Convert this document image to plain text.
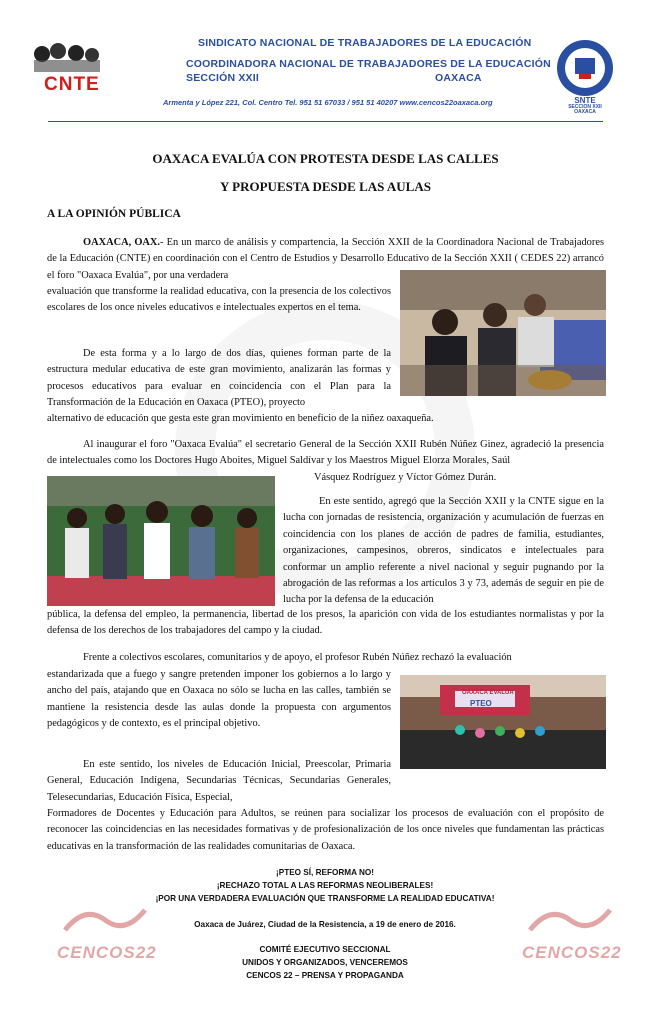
CNTE
SINDICATO NACIONAL DE TRABAJADORES DE LA EDUCACIÓN
COORDINADORA NACIONAL DE TRABAJADORES DE LA EDUCACIÓN
SECCIÓN XXII	OAXACA
Armenta y López 221, Col. Centro Tel. 951 51 67033 / 951 51 40207 www.cencos22oaxaca.org	SNTE
SECCION XXII
OAXACA
OAXACA EVALÚA CON PROTESTA DESDE LAS CALLES
Y PROPUESTA DESDE LAS AULAS
A LA OPINIÓN PÚBLICA
OAXACA, OAX.- En un marco de análisis y compartencia, la Sección XXII de la Coordinadora Nacional de Trabajadores de la Educación (CNTE) en coordinación con el Centro de Estudios y Desarrollo Educativo de la Sección XXII ( CEDES 22) arrancó el foro "Oaxaca Evalúa", por una verdadera
evaluación que transforme la realidad educativa, con la presencia de los colectivos escolares de los once niveles educativos e intelectuales expertos en el tema.
De esta forma y a lo largo de dos días, quienes forman parte de la estructura medular educativa de este gran movimiento, analizarán las formas y procesos educativos para evaluar en coincidencia con el Plan para la Transformación de la Educación en Oaxaca (PTEO), proyecto
alternativo de educación que gesta este gran movimiento en beneficio de la niñez oaxaqueña.
Al inaugurar el foro "Oaxaca Evalúa" el secretario General de la Sección XXII Rubén Núñez Ginez, agradeció la presencia de intelectuales como los Doctores Hugo Aboites, Miguel Saldívar y los Maestros Miguel Elorza Morales, Saúl
Vásquez Rodríguez y Víctor Gómez Durán.
En este sentido, agregó que la Sección XXII y la CNTE sigue en la lucha con jornadas de resistencia, organización y acumulación de fuerzas en coincidencia con los planes de acción de padres de familia, estudiantes, organizaciones, campesinos, obreros, sindicatos e intelectuales para conformar un amplio referente a nivel nacional y seguir pugnando por la abrogación de las reformas a los artículos 3 y 73, además de seguir en pie de lucha por la defensa de la educación
pública, la defensa del empleo, la permanencia, libertad de los presos, la aparición con vida de los estudiantes normalistas y por la defensa de los derechos de los trabajadores del campo y la ciudad.
Frente a colectivos escolares, comunitarios y de apoyo, el profesor Rubén Núñez rechazó la evaluación
estandarizada que a fuego y sangre pretenden imponer los gobiernos a lo largo y ancho del país, atajando que en Oaxaca no sólo se lucha en las calles, también se mantiene la resistencia desde las aulas donde la propuesta con argumentos pedagógicos y de contexto, es el principal objetivo.
OAXACA EVALÚA
PTEO
En este sentido, los niveles de Educación Inicial, Preescolar, Primaria General, Educación Indígena, Secundarias Técnicas, Secundarias Generales, Telesecundarias, Educación Física, Especial,
Formadores de Docentes y Educación para Adultos, se reúnen para socializar los procesos de evaluación con el propósito de reconocer las coincidencias en las necesidades formativas y de profesionalización de los once niveles que fundamentan las prácticas educativas en la transformación de las realidades comunitarias de Oaxaca.
CENCOS22	CENCOS22
¡PTEO SÍ, REFORMA NO!
¡RECHAZO TOTAL A LAS REFORMAS NEOLIBERALES!
¡POR UNA VERDADERA EVALUACIÓN QUE TRANSFORME LA REALIDAD EDUCATIVA!
Oaxaca de Juárez, Ciudad de la Resistencia, a 19 de enero de 2016.
COMITÉ EJECUTIVO SECCIONAL
UNIDOS Y ORGANIZADOS, VENCEREMOS
CENCOS 22 – PRENSA Y PROPAGANDA
